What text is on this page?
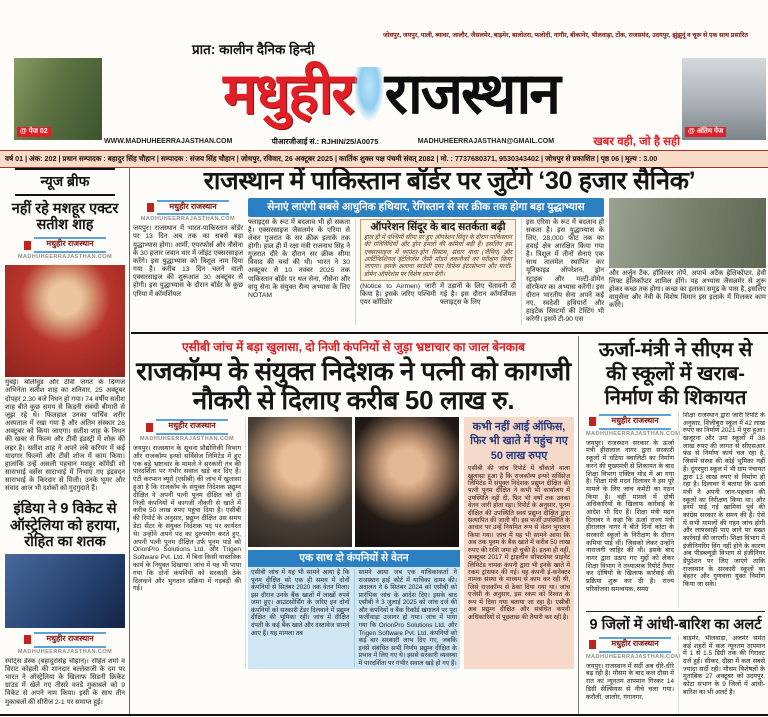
प्रात: कालीन दैनिक हिन्दी
जोधपुर, जयपुर, पाली, ब्यावर, जालौर, जैसलमेर, बाड़मेर, बालोतरा, फलोदी, नागौर, बीकानेर, भीलवाड़ा, टोंक, राजसमंद, उदयपुर, झुंझुनूं व चूरू से एक साथ प्रसारित
@ पेज 02	@ अंतिम पेज
मधुहीर राजस्थान
WWW.MADHUHEERRAJASTHAN.COM	पीआरजीआई सं.: RJHIN/25/A0075	MADHUHEERRAJASTHAN@GMAIL.COM	खबर वही, जो है सही
वर्ष 01 | अंक: 202 | प्रधान सम्पादक : बहादुर सिंह चौहान | सम्पादक : संजय सिंह चौहान | जोधपुर, रविवार, 26 अक्टूबर 2025 | कार्तिक शुक्ल पक्ष पंचमी संवत् 2082 | मो. : 7737680371, 9530343402 | जोधपुर से प्रकाशित | पृष्ठ 06 | मूल्य : 3.00
न्यूज ब्रीफ
नहीं रहे मशहूर एक्टर सतीश शाह
मधुहीर राजस्थान
MADHUHEERRAJASTHAN.COM

मुंबई। बॉलीवुड और टीवी जगत के दिग्गज अभिनेता सतीश शाह का शनिवार, 25 अक्टूबर दोपहर 2.30 बजे निधन हो गया। 74 वर्षीय सतीश शाह बीते कुछ समय से किडनी संबंधी बीमारी से जूझ रहे थे। फिलहाल उनका पार्थिव शरीर अस्पताल में रखा गया है और अंतिम संस्कार 26 अक्टूबर को किया जाएगा। सतीश शाह के निधन की खबर से फिल्म और टीवी इंडस्ट्री में शोक की लहर है। सतीश शाह ने अपने लंबे करियर में कई यादगार फिल्मों और टीवी शोज में काम किया। हालांकि उन्हें असली पहचान मशहूर कॉमेडी शो साराभाई वर्सेस साराभाई में निभाए गए इंद्रवदन साराभाई के किरदार से मिली। उनके घूमर और संवाद आज भी दर्शकों को गुदगुदाते हैं।

इंडिया ने 9 विकेट से ऑस्ट्रेलिया को हराया, रोहित का शतक
मधुहीर राजस्थान
MADHUHEERRAJASTHAN.COM

स्पोर्ट्स डेस्क (बहादुरसिंह चौहान)। रोहित शर्मा व विराट कोहली की शानदार बल्लेबाजी के दम पर भारत ने ऑस्ट्रेलिया के खिलाफ सिडनी क्रिकेट ग्राउंड में खेले गए तीसरे वनडे मुकाबले को 9 विकेट से अपने नाम किया। इसी के साथ तीन मुकाबलों की सीरीज 2-1 पर समाप्त हुई।

राजस्थान में पाकिस्तान बॉर्डर पर जुटेंगे ‘30 हजार सैनिक’
मधुहीर राजस्थान
MADHUHEERRAJASTHAN.COM

जयपुर। राजस्थान में भारत-पाकिस्तान बॉर्डर पर 13 दिन अब तक का सबसे बड़ा युद्धाभ्यास होगा। आर्मी, एयरफोर्स और नौसेना के 30 हजार जवान थार में जॉइंट एक्सरसाइज करेंगे। इस युद्धाभ्यास को त्रिशूल नाम दिया गया है। करीब 13 दिन चलने वाली एक्सरसाइज की शुरूआत 30 अक्टूबर से होगी। इस युद्धाभ्यास के दौरान बॉर्डर के कुछ एरिया में कॉमर्शियल

सेनाएं लाएंगी सबसे आधुनिक हथियार, रेगिस्तान से सर क्रीक तक होगा बड़ा युद्धाभ्यास

फ्लाइट्स के रूट में बदलाव भी हो सकता है। एक्सरसाइज जैसलमेर के एरिया से लेकर गुजरात के सर क्रीक इलाके तक होगी। हाल ही में रक्षा मंत्री राजनाथ सिंह ने गुजरात दौरे के दौरान सर क्रीक सीमा विवाद की चर्चा की थी। भारत ने 30 अक्टूबर से 10 नवंबर 2025 तक पाकिस्तान बॉर्डर पर थल सेना, नौसेना और वायु सेना के संयुक्त सैन्य अभ्यास के लिए NOTAM

ऑपरेशन सिंदूर के बाद सतर्कता बढ़ी

हाल ही में पश्चिमी सीमा पर हुए ऑपरेशन सिंदूर के दौरान पाकिस्तान की गतिविधियों और ड्रोन हमलों की कमियां बड़ी हैं। इसलिए इस एक्सरसाइज में काउंटर-ड्रोन सिस्टम, संचार बाधा (जैमिंग) और आर्टिफिशियल इंटेलिजेंस जैसी मॉडर्न तकनीकों का परीक्षण किया जाएगा। इसके अलावा स्वदेशी एयर डिफेंस इंटरसेप्शन और मल्टी-डोमेन ऑपरेशंस पर विशेष ध्यान देंगी।

(Notice to Airmen) जारी किया है। इसके जरिए पश्चिमी एयर कॉरिडोर

में उड़ानों के लिए चेतावनी दी गई है। इस दौरान कॉमर्शियल फ्लाइट्स के लिए

इस एरिया के रूट में बदलाव हो सकता है। इस युद्धाभ्यास के लिए, 28,000 फीट तक का हवाई क्षेत्र आरक्षित किया गया है। त्रिशूल में तीनों सेनाएं एक साथ तालमेल स्थापित कर यूनिफाइड ऑपरेशन, ड्रोन स्ट्राइक और मल्टी-डोमेन वॉरफेयर का अभ्यास करेंगी। इस दौरान भारतीय सेना अपने कई नए, स्वदेशी हथियारों और हाइटेक सिस्टमों की टेस्टिंग भी करेगी। इसमें टी-90 एस

और अर्जुन टैंक, हॉवित्जर तोपें, अपाचे अटैक हेलिकॉप्टर, हेवी लिफ्ट हेलिकॉप्टर शामिल होंगे। यह अभ्यास जैसलमेर से शुरू होकर कच्छ तक होगा। कच्छ का इलाका समुद्र के पास है, इसलिए वायुसेना और नेवी के विशेष विमान इस इलाके में मिलकर काम करेंगे।

एसीबी जांच में बड़ा खुलासा, दो निजी कंपनियों से जुड़ा भ्रष्टाचार का जाल बेनकाब
राजकॉम्प के संयुक्त निदेशक ने पत्नी को कागजी नौकरी से दिलाए करीब 50 लाख रु.
मधुहीर राजस्थान
MADHUHEERRAJASTHAN.COM

जयपुर। राजस्थान के सूचना प्रौद्योगिकी विभाग और राजकॉम्प इन्फो सर्विसेज लिमिटेड में हुए एक बड़े भ्रष्टाचार के मामले ने सरकारी तंत्र की पारदर्शिता पर गंभीर सवाल खड़े कर दिए हैं। एंटी करप्शन ब्यूरो (एसीबी) की जांच में खुलासा हुआ है कि राजकॉम के संयुक्त निदेशक प्रद्युम्न दीक्षित ने अपनी पत्नी पूनम दीक्षित को दो निजी कंपनियों में कागजी नौकरी से खाते में करीब 50 लाख रुपए पहुंचा दिया है। एसीबी की रिपोर्ट के अनुसार, प्रद्युम्न दीक्षित उस समय डेटा सेंटर के संयुक्त निदेशक पद पर कार्यरत थे। उन्होंने अपने पद का दुरुपयोग करते हुए, अपनी पत्नी पूनम दीक्षित उर्फ पूनम पांडे को OrionPro Solutions Ltd. और Trigen Software Pvt. Ltd. में बिना किसी वास्तविक कार्य के नियुक्त दिखाया। जांच में यह भी पाया गया कि दोनों कंपनियों को सरकारी ठेके दिलवाने और भुगतान प्रक्रिया में गड़बड़ी की गई।

एक साथ दो कंपनियों से वेतन

एसीबी जांच में यह भी सामने आया है कि पूनम दीक्षित को एक ही समय में दोनों कंपनियों से सितंबर 2020 तक वेतन मिला। इस दौरान उनके बैंक खातों में लाखों रुपये जमा हुए। आउटसोर्सिंग के जरिए इन दोनों कंपनियों को सरकारी टेंडर दिलवाने में प्रद्युम्न दीक्षित की भूमिका रही। जांच में दीक्षित दंपती के कई बैंक खाते और दस्तावेज सामने आए हैं। यह मामला तब

सामने आया जब एक याचिकाकर्ता ने राजस्थान हाई कोर्ट में याचिका दायर की। अदालत ने 6 सितंबर 2024 को एसीबी को प्रारंभिक जांच के आदेश दिए। इसके बाद एसीबी ने 3 जुलाई 2025 को जांच दर्ज की और कंपनियों व बैंक रिकॉर्ड खंगालने पर पूरा फर्जीवाड़ा उजागर हो गया। जांच में पाया गया कि OrionPro Solutions Ltd. और Trigen Software Pvt. Ltd. कंपनियों को कई बार सरकारी लाभ दिए गए, जबकि इनसे संबंधित सभी निर्णय प्रद्युम्न दीक्षित के प्रभाव में लिए गए थे। इससे सरकारी व्यवस्था में पारदर्शिता पर गंभीर सवाल खड़े हो गए हैं।

कभी नहीं आई ऑफिस, फिर भी खाते में पहुंच गए 50 लाख रुपए

एसीबी की जांच रिपोर्ट में चौंकाने वाला खुलासा हुआ है कि राजकॉम्प इन्फो सर्विसेज लिमिटेड में संयुक्त निदेशक प्रद्युम्न दीक्षित की पत्नी पूनम दीक्षित ने कभी भी कार्यालय में उपस्थिति नहीं दी, फिर भी वर्षों तक उनका वेतन जारी होता रहा। रिपोर्ट के अनुसार, पूनम दीक्षित की उपस्थिति स्वयं प्रद्युम्न दीक्षित द्वारा सत्यापित की जाती थी। इस फर्जी उपस्थिति के आधार पर उन्हें नियमित रूप से वेतन भुगतान किया गया। जांच में यह भी सामने आया कि अब तक पूनम के बैंक खाते में करीब 50 लाख रुपए की राशि जमा हो चुकी है। इतना ही नहीं, अक्टूबर 2017 में ट्राइलीन सॉफ्टवेयर प्राइवेट लिमिटेड नामक कंपनी द्वारा भी इनके खाते में रकम ट्रांसफर की गई। यह कंपनी ई-कनेक्टर नामक संस्था के माध्यम से काम कर रही थी, जिसे राजकॉम्प से ठेका दिया गया था। जांच एजेंसी के अनुसार, इस रकम को रिश्वत के रूप में दिया गया बताया जा रहा है। एसीबी अब प्रद्युम्न दीक्षित और संबंधित कंपनी अधिकारियों से पूछताछ की तैयारी कर रही है।

ऊर्जा-मंत्री ने सीएम से की स्कूलों में खराब-निर्माण की शिकायत
मधुहीर राजस्थान
MADHUHEERRAJASTHAN.COM

जयपुर। राजस्थान सरकार के ऊर्जा मंत्री हीरालाल नागर द्वारा सरकारी स्कूलों में घटिया क्वालिटी का निर्माण करने की मुख्यमंत्री से शिकायत के बाद शिक्षा विभाग एक्टिव मोड में आ गया है। शिक्षा मंत्री मदन दिलावर ने इस पूरे मामले के लिए जांच कमेटी का गठन किया है। वहीं मामले में दोषी अधिकारियों के खिलाफ कार्रवाई के आदेश भी दिए हैं। शिक्षा मंत्री मदन दिलावर ने कहा कि ऊर्जा राज्य मंत्री हीरालाल नागर ने बीते दिनों कोटा के सरकारी स्कूलों के निरीक्षण के दौरान कमियां पाई थीं। जिसको लेकर उन्होंने नाराजगी जाहिर की थी। इसके बाद नागर द्वारा उठाए गए मुद्दों को लेकर शिक्षा विभाग ने तथ्यात्मक रिपोर्ट तैयार कर दोषियों के खिलाफ कार्रवाई की प्रक्रिया शुरू कर दी है। राज्य परियोजना समन्वयक, समग्र

शिक्षा राजस्थान द्वारा जारी रिपोर्ट के अनुसार, शिलीबूरा स्कूल में 42 लाख रुपए का निर्माण 2021 में पूरा हुआ। खजूरना और उमा स्कूलों में 38 लाख रुपए की लागत से सीएसआर फंड से निर्माण कार्य चल रहा है, जिसमें संस्था की कोई भूमिका नहीं है। दूंगरपुरा स्कूल में भी ग्राम पंचायत द्वारा 13 लाख रुपए से निर्माण हो रहा है। दिलावर ने बताया कि ऊर्जा मंत्री ने अपनी जान-पहचान की स्कूलों का निरीक्षण किया था। और इनमें पाई गई खामियां पूर्व की कांग्रेस सरकार के समय की हैं। ऐसे में सभी मामलों की गहन जांच होगी और लापरवाही पाए जाने पर सख्त कार्रवाई की जाएगी। शिक्षा विभाग में इंजीनियरिंग विंग नहीं होने के कारण अब पीडब्ल्यूडी विभाग से इंजीनियर डेपुटेशन पर लिए जाएंगे ताकि राजस्थान के सरकारी स्कूलों का बेहतर और गुणवत्ता युक्त निर्माण किया जा सके।

9 जिलों में आंधी-बारिश का अलर्ट
मधुहीर राजस्थान
MADHUHEERRAJASTHAN.COM

जयपुर। राजस्थान में सर्दी अब धीरे-धीरे बढ़ रही है। मौसम के बाद कल दौसा में रात का न्यूनतम तापमान गिरकर 14 डिग्री सेल्सियस से नीचे चला गया। करौली, जालोर, गंगानगर,

बाड़मेर, भीलवाड़ा, अजमेर समेत कई शहरों में कल न्यूनतम तापमान में 1 से 1.5 डिग्री तक की गिरावट दर्ज हुई। सीकर, दौसा में कल सबसे ज्यादा सर्दी रही। मौसम विशेषज्ञों के मुताबिक 27 अक्टूबर को उदयपुर, कोटा संभाग के 9 जिलों में आंधी-बारिश का भी अलर्ट है।
